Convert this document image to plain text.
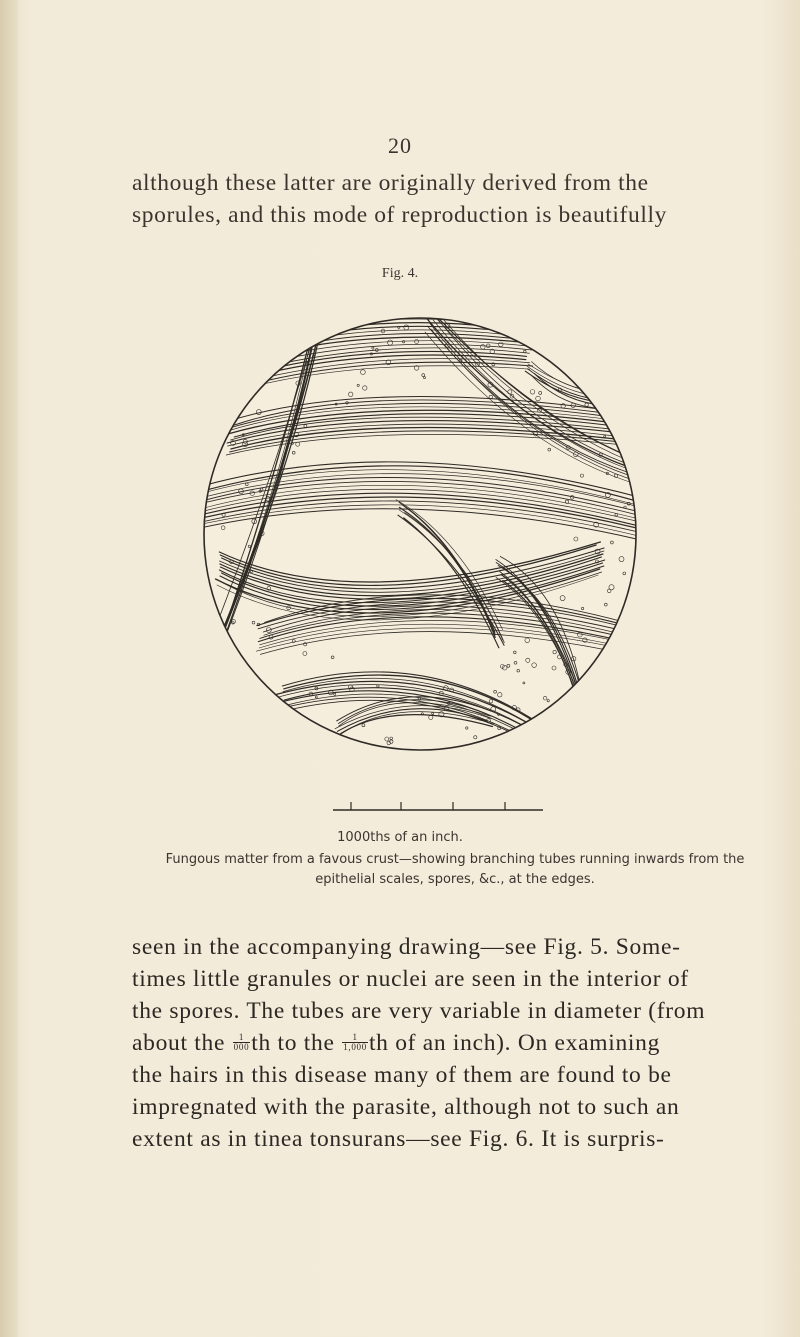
20
although these latter are originally derived from the
sporules, and this mode of reproduction is beautifully
Fig. 4.
1000ths of an inch.
Fungous matter from a favous crust—showing branching tubes running inwards from the
epithelial scales, spores, &c., at the edges.
seen in the accompanying drawing—see Fig. 5. Some-
times little granules or nuclei are seen in the interior of
the spores. The tubes are very variable in diameter (from
about the $\frac{1}{000}$ th to the $\frac{1}{1,000}$ th of an inch). On examining
the hairs in this disease many of them are found to be
impregnated with the parasite, although not to such an
extent as in tinea tonsurans—see Fig. 6. It is surpris-
